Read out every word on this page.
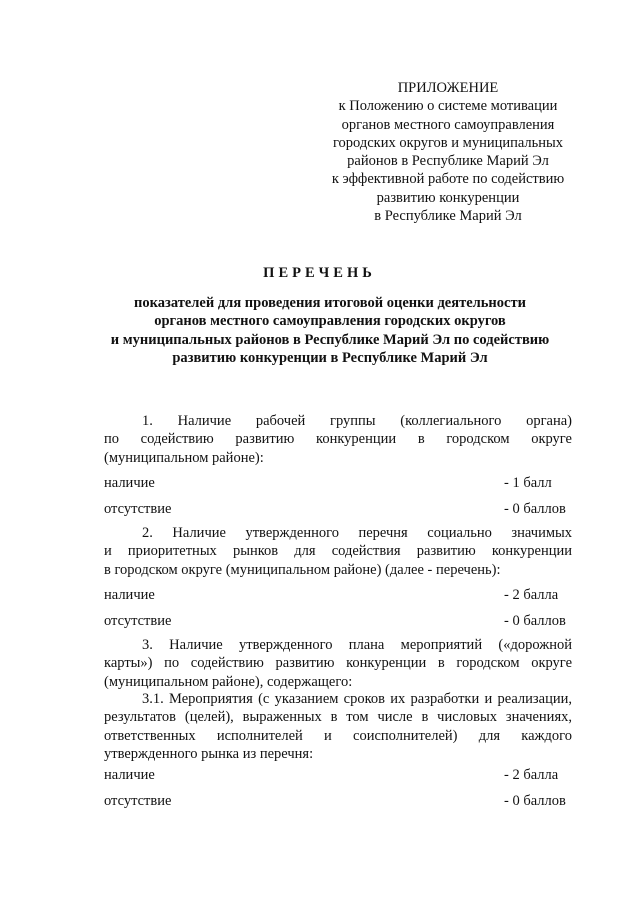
ПРИЛОЖЕНИЕ
к Положению о системе мотивации
органов местного самоуправления
городских округов и муниципальных
районов в Республике Марий Эл
к эффективной работе по содействию
развитию конкуренции
в Республике Марий Эл
ПЕРЕЧЕНЬ
показателей для проведения итоговой оценки деятельности
органов местного самоуправления городских округов
и муниципальных районов в Республике Марий Эл по содействию
развитию конкуренции в Республике Марий Эл
1. Наличие рабочей группы (коллегиального органа)
по содействию развитию конкуренции в городском округе
(муниципальном районе):
наличие	- 1 балл
отсутствие	- 0 баллов
2. Наличие утвержденного перечня социально значимых
и приоритетных рынков для содействия развитию конкуренции
в городском округе (муниципальном районе) (далее - перечень):
наличие	- 2 балла
отсутствие	- 0 баллов
3. Наличие утвержденного плана мероприятий («дорожной
карты») по содействию развитию конкуренции в городском округе
(муниципальном районе), содержащего:
3.1. Мероприятия (с указанием сроков их разработки и реализации,
результатов (целей), выраженных в том числе в числовых значениях,
ответственных исполнителей и соисполнителей) для каждого
утвержденного рынка из перечня:
наличие	- 2 балла
отсутствие	- 0 баллов
